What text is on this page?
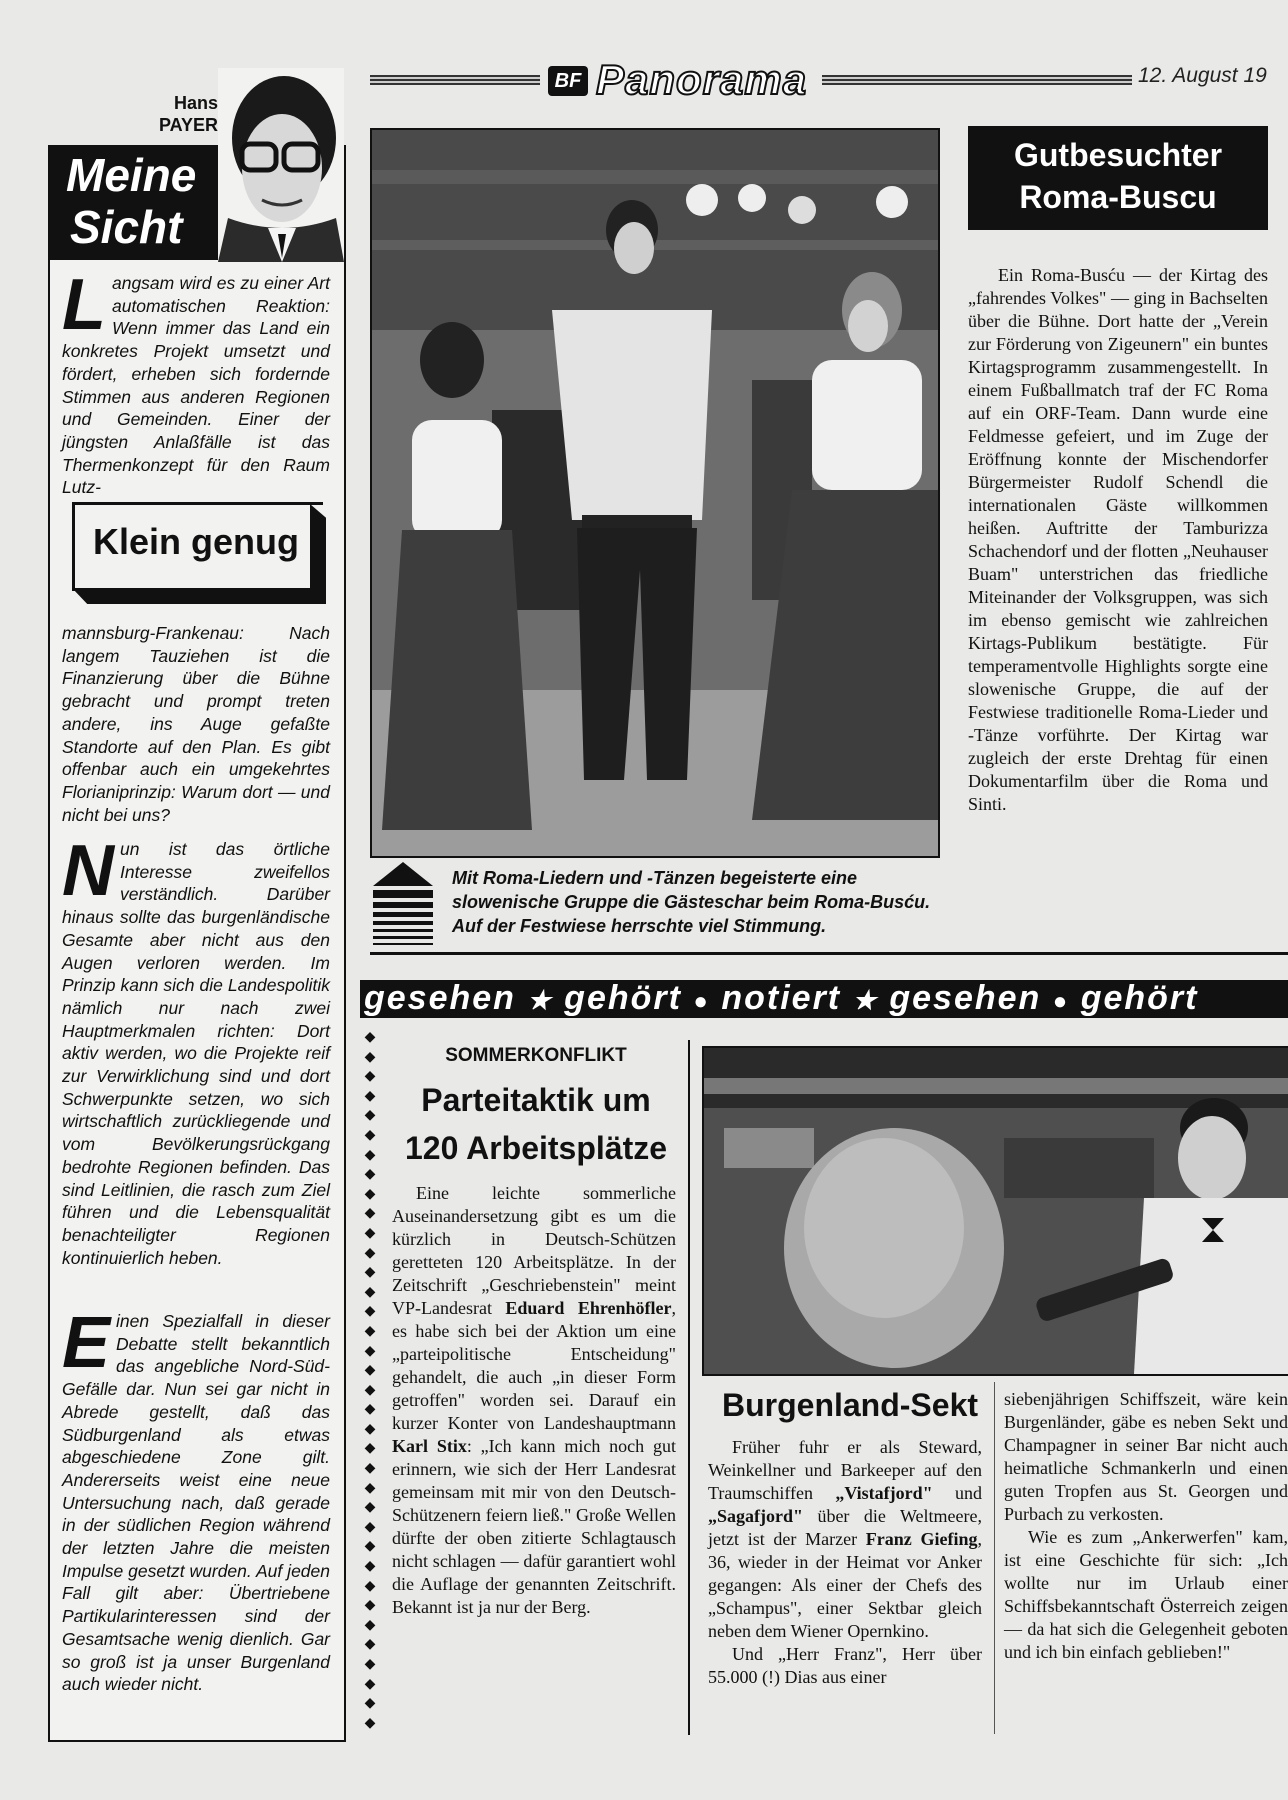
BF Panorama	12. August 19
Hans
PAYER
Meine
Sicht
Langsam wird es zu einer Art automatischen Reaktion: Wenn immer das Land ein konkretes Projekt umsetzt und fördert, erheben sich fordernde Stimmen aus anderen Regionen und Gemeinden. Einer der jüngsten Anlaßfälle ist das Thermenkonzept für den Raum Lutz-
Klein genug
mannsburg-Frankenau: Nach langem Tauziehen ist die Finanzierung über die Bühne gebracht und prompt treten andere, ins Auge gefaßte Standorte auf den Plan. Es gibt offenbar auch ein umgekehrtes Florianiprinzip: Warum dort — und nicht bei uns?
Nun ist das örtliche Interesse zweifellos verständlich. Darüber hinaus sollte das burgenländische Gesamte aber nicht aus den Augen verloren werden. Im Prinzip kann sich die Landespolitik nämlich nur nach zwei Hauptmerkmalen richten: Dort aktiv werden, wo die Projekte reif zur Verwirklichung sind und dort Schwerpunkte setzen, wo sich wirtschaftlich zurückliegende und vom Bevölkerungsrückgang bedrohte Regionen befinden. Das sind Leitlinien, die rasch zum Ziel führen und die Lebensqualität benachteiligter Regionen kontinuierlich heben.
Einen Spezialfall in dieser Debatte stellt bekanntlich das angebliche Nord-Süd-Gefälle dar. Nun sei gar nicht in Abrede gestellt, daß das Südburgenland als etwas abgeschiedene Zone gilt. Andererseits weist eine neue Untersuchung nach, daß gerade in der südlichen Region während der letzten Jahre die meisten Impulse gesetzt wurden. Auf jeden Fall gilt aber: Übertriebene Partikularinteressen sind der Gesamtsache wenig dienlich. Gar so groß ist ja unser Burgenland auch wieder nicht.
Mit Roma-Liedern und -Tänzen begeisterte eine slowenische Gruppe die Gästeschar beim Roma-Busću. Auf der Festwiese herrschte viel Stimmung.
Gutbesuchter
Roma-Buscu
Ein Roma-Busću — der Kirtag des „fahrendes Volkes" — ging in Bachselten über die Bühne. Dort hatte der „Verein zur Förderung von Zigeunern" ein buntes Kirtagsprogramm zusammengestellt. In einem Fußballmatch traf der FC Roma auf ein ORF-Team. Dann wurde eine Feldmesse gefeiert, und im Zuge der Eröffnung konnte der Mischendorfer Bürgermeister Rudolf Schendl die internationalen Gäste willkommen heißen. Auftritte der Tamburizza Schachendorf und der flotten „Neuhauser Buam" unterstrichen das friedliche Miteinander der Volksgruppen, was sich im ebenso gemischt wie zahlreichen Kirtags-Publikum bestätigte. Für temperamentvolle Highlights sorgte eine slowenische Gruppe, die auf der Festwiese traditionelle Roma-Lieder und -Tänze vorführte. Der Kirtag war zugleich der erste Drehtag für einen Dokumentarfilm über die Roma und Sinti.
gesehen ★ gehört ● notiert ★ gesehen ● gehört
◆
◆
◆
◆
◆
◆
◆
◆
◆
◆
◆
◆
◆
◆
◆
◆
◆
◆
◆
◆
◆
◆
◆
◆
◆
◆
◆
◆
◆
◆
◆
◆
◆
◆
◆
◆
SOMMERKONFLIKT
Parteitaktik um
120 Arbeitsplätze
Eine leichte sommerliche Auseinandersetzung gibt es um die kürzlich in Deutsch-Schützen geretteten 120 Arbeitsplätze. In der Zeitschrift „Geschriebenstein" meint VP-Landesrat Eduard Ehrenhöfler, es habe sich bei der Aktion um eine „parteipolitische Entscheidung" gehandelt, die auch „in dieser Form getroffen" worden sei. Darauf ein kurzer Konter von Landeshauptmann Karl Stix: „Ich kann mich noch gut erinnern, wie sich der Herr Landesrat gemeinsam mit mir von den Deutsch-Schützenern feiern ließ." Große Wellen dürfte der oben zitierte Schlagtausch nicht schlagen — dafür garantiert wohl die Auflage der genannten Zeitschrift. Bekannt ist ja nur der Berg.
Burgenland-Sekt
Früher fuhr er als Steward, Weinkellner und Barkeeper auf den Traumschiffen „Vistafjord" und „Sagafjord" über die Weltmeere, jetzt ist der Marzer Franz Giefing, 36, wieder in der Heimat vor Anker gegangen: Als einer der Chefs des „Schampus", einer Sektbar gleich neben dem Wiener Opernkino.
Und „Herr Franz", Herr über 55.000 (!) Dias aus einer
siebenjährigen Schiffszeit, wäre kein Burgenländer, gäbe es neben Sekt und Champagner in seiner Bar nicht auch heimatliche Schmankerln und einen guten Tropfen aus St. Georgen und Purbach zu verkosten.
Wie es zum „Ankerwerfen" kam, ist eine Geschichte für sich: „Ich wollte nur im Urlaub einer Schiffsbekanntschaft Österreich zeigen — da hat sich die Gelegenheit geboten und ich bin einfach geblieben!"
